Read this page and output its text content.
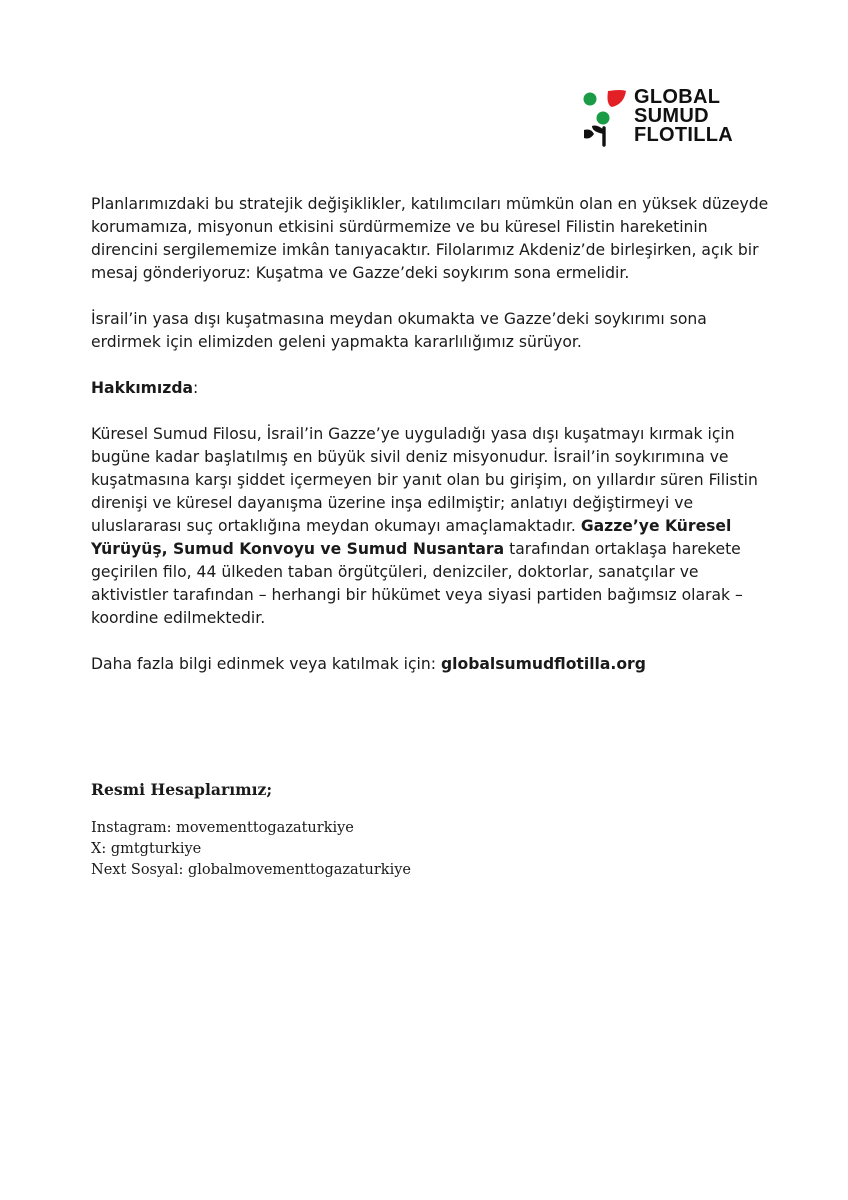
GLOBAL
SUMUD
FLOTILLA

Planlarımızdaki bu stratejik değişiklikler, katılımcıları mümkün olan en yüksek düzeyde korumamıza, misyonun etkisini sürdürmemize ve bu küresel Filistin hareketinin direncini sergilememize imkân tanıyacaktır. Filolarımız Akdeniz’de birleşirken, açık bir mesaj gönderiyoruz: Kuşatma ve Gazze’deki soykırım sona ermelidir.

İsrail’in yasa dışı kuşatmasına meydan okumakta ve Gazze’deki soykırımı sona erdirmek için elimizden geleni yapmakta kararlılığımız sürüyor.

Hakkımızda:

Küresel Sumud Filosu, İsrail’in Gazze’ye uyguladığı yasa dışı kuşatmayı kırmak için bugüne kadar başlatılmış en büyük sivil deniz misyonudur. İsrail’in soykırımına ve kuşatmasına karşı şiddet içermeyen bir yanıt olan bu girişim, on yıllardır süren Filistin direnişi ve küresel dayanışma üzerine inşa edilmiştir; anlatıyı değiştirmeyi ve uluslararası suç ortaklığına meydan okumayı amaçlamaktadır. Gazze’ye Küresel Yürüyüş, Sumud Konvoyu ve Sumud Nusantara tarafından ortaklaşa harekete geçirilen filo, 44 ülkeden taban örgütçüleri, denizciler, doktorlar, sanatçılar ve aktivistler tarafından – herhangi bir hükümet veya siyasi partiden bağımsız olarak – koordine edilmektedir.

Daha fazla bilgi edinmek veya katılmak için: globalsumudflotilla.org

Resmi Hesaplarımız;
Instagram: movementtogazaturkiye
X: gmtgturkiye
Next Sosyal: globalmovementtogazaturkiye
